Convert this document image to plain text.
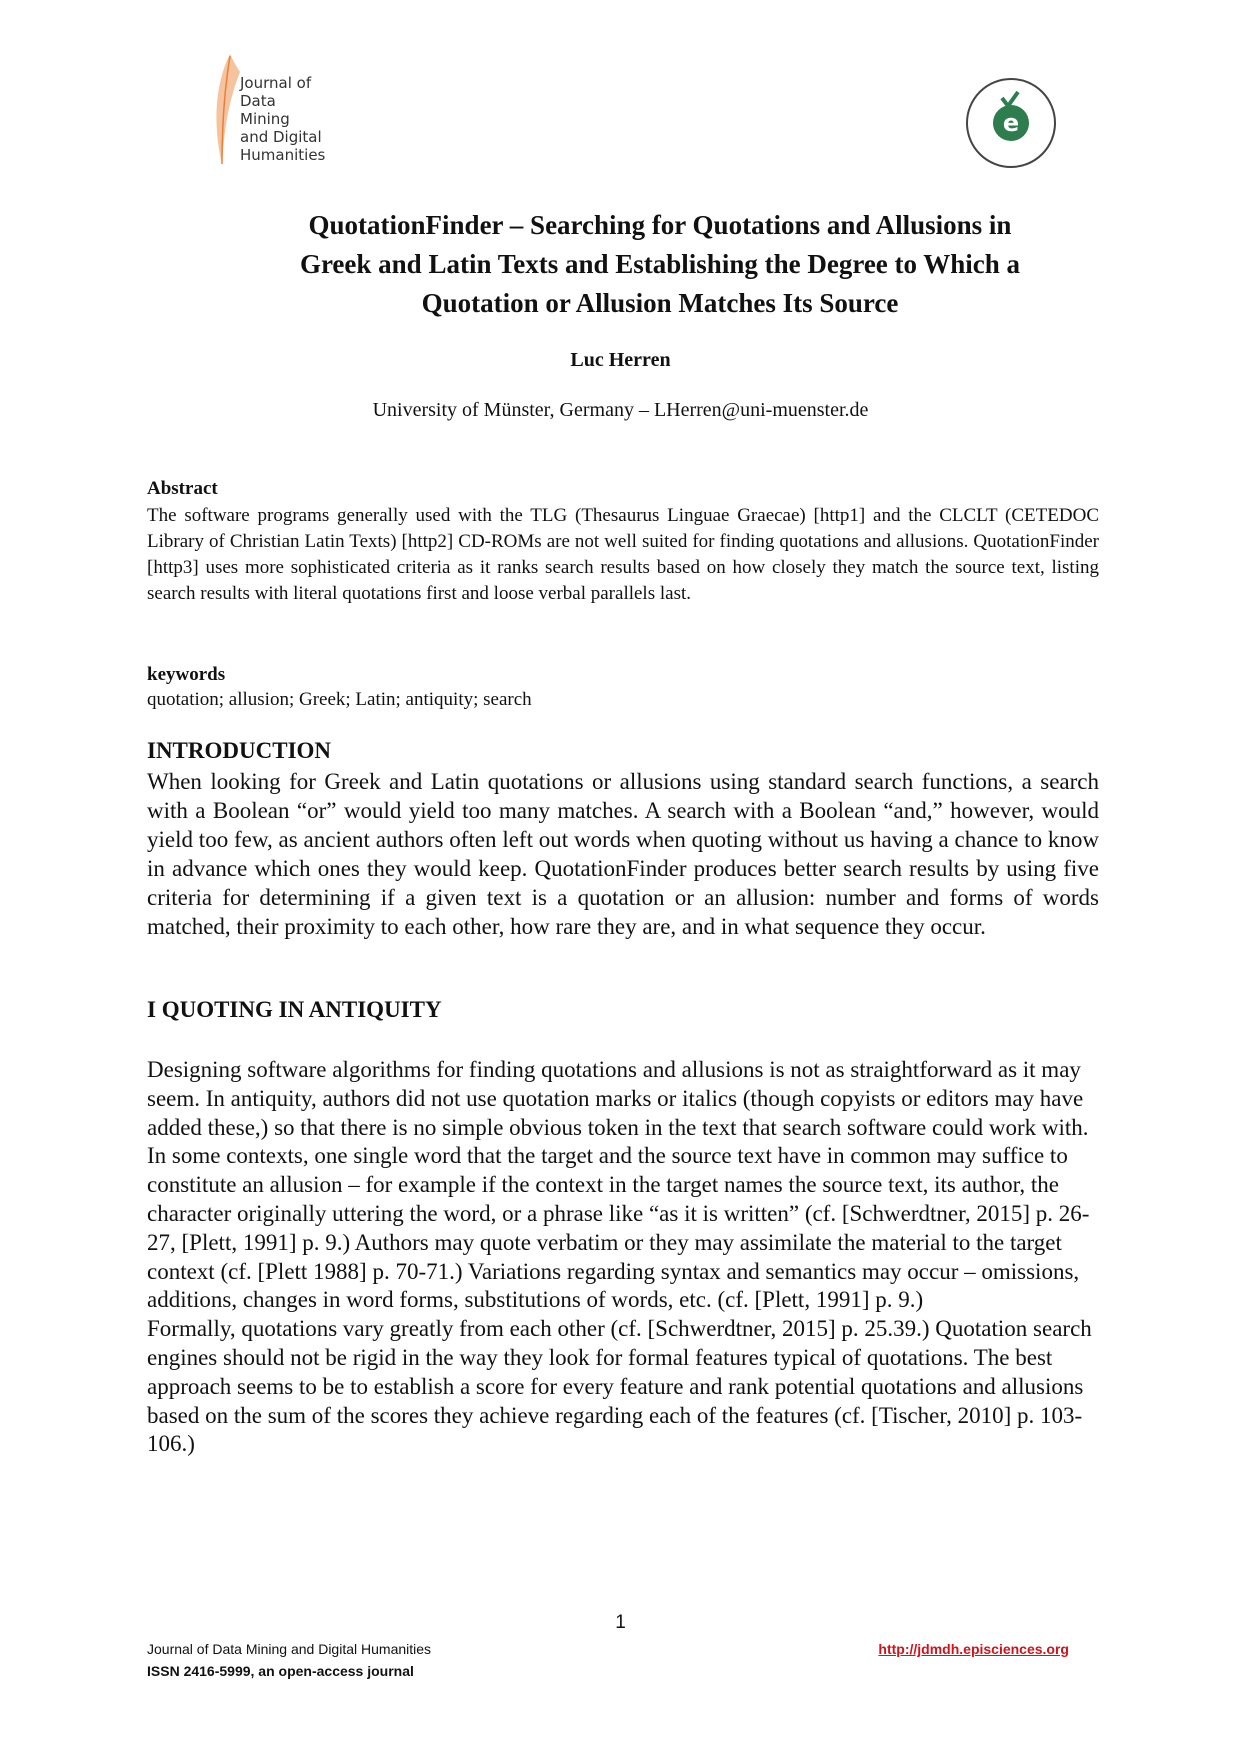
Journal of
Data Mining
and Digital
Humanities
e
QuotationFinder – Searching for Quotations and Allusions in
Greek and Latin Texts and Establishing the Degree to Which a
Quotation or Allusion Matches Its Source
Luc Herren
University of Münster, Germany – LHerren@uni-muenster.de
Abstract
The software programs generally used with the TLG (Thesaurus Linguae Graecae) [http1] and the CLCLT (CETEDOC Library of Christian Latin Texts) [http2] CD-ROMs are not well suited for finding quotations and allusions. QuotationFinder [http3] uses more sophisticated criteria as it ranks search results based on how closely they match the source text, listing search results with literal quotations first and loose verbal parallels last.
keywords
quotation; allusion; Greek; Latin; antiquity; search
INTRODUCTION
When looking for Greek and Latin quotations or allusions using standard search functions, a search with a Boolean “or” would yield too many matches. A search with a Boolean “and,” however, would yield too few, as ancient authors often left out words when quoting without us having a chance to know in advance which ones they would keep. QuotationFinder produces better search results by using five criteria for determining if a given text is a quotation or an allusion: number and forms of words matched, their proximity to each other, how rare they are, and in what sequence they occur.
I QUOTING IN ANTIQUITY
Designing software algorithms for finding quotations and allusions is not as straightforward as it may seem. In antiquity, authors did not use quotation marks or italics (though copyists or editors may have added these,) so that there is no simple obvious token in the text that search software could work with. In some contexts, one single word that the target and the source text have in common may suffice to constitute an allusion – for example if the context in the target names the source text, its author, the character originally uttering the word, or a phrase like “as it is written” (cf. [Schwerdtner, 2015] p. 26-27, [Plett, 1991] p. 9.) Authors may quote verbatim or they may assimilate the material to the target context (cf. [Plett 1988] p. 70-71.) Variations regarding syntax and semantics may occur – omissions, additions, changes in word forms, substitutions of words, etc. (cf. [Plett, 1991] p. 9.)
Formally, quotations vary greatly from each other (cf. [Schwerdtner, 2015] p. 25.39.) Quotation search engines should not be rigid in the way they look for formal features typical of quotations. The best approach seems to be to establish a score for every feature and rank potential quotations and allusions based on the sum of the scores they achieve regarding each of the features (cf. [Tischer, 2010] p. 103-106.)
1
Journal of Data Mining and Digital Humanities
ISSN 2416-5999, an open-access journal
http://jdmdh.episciences.org
